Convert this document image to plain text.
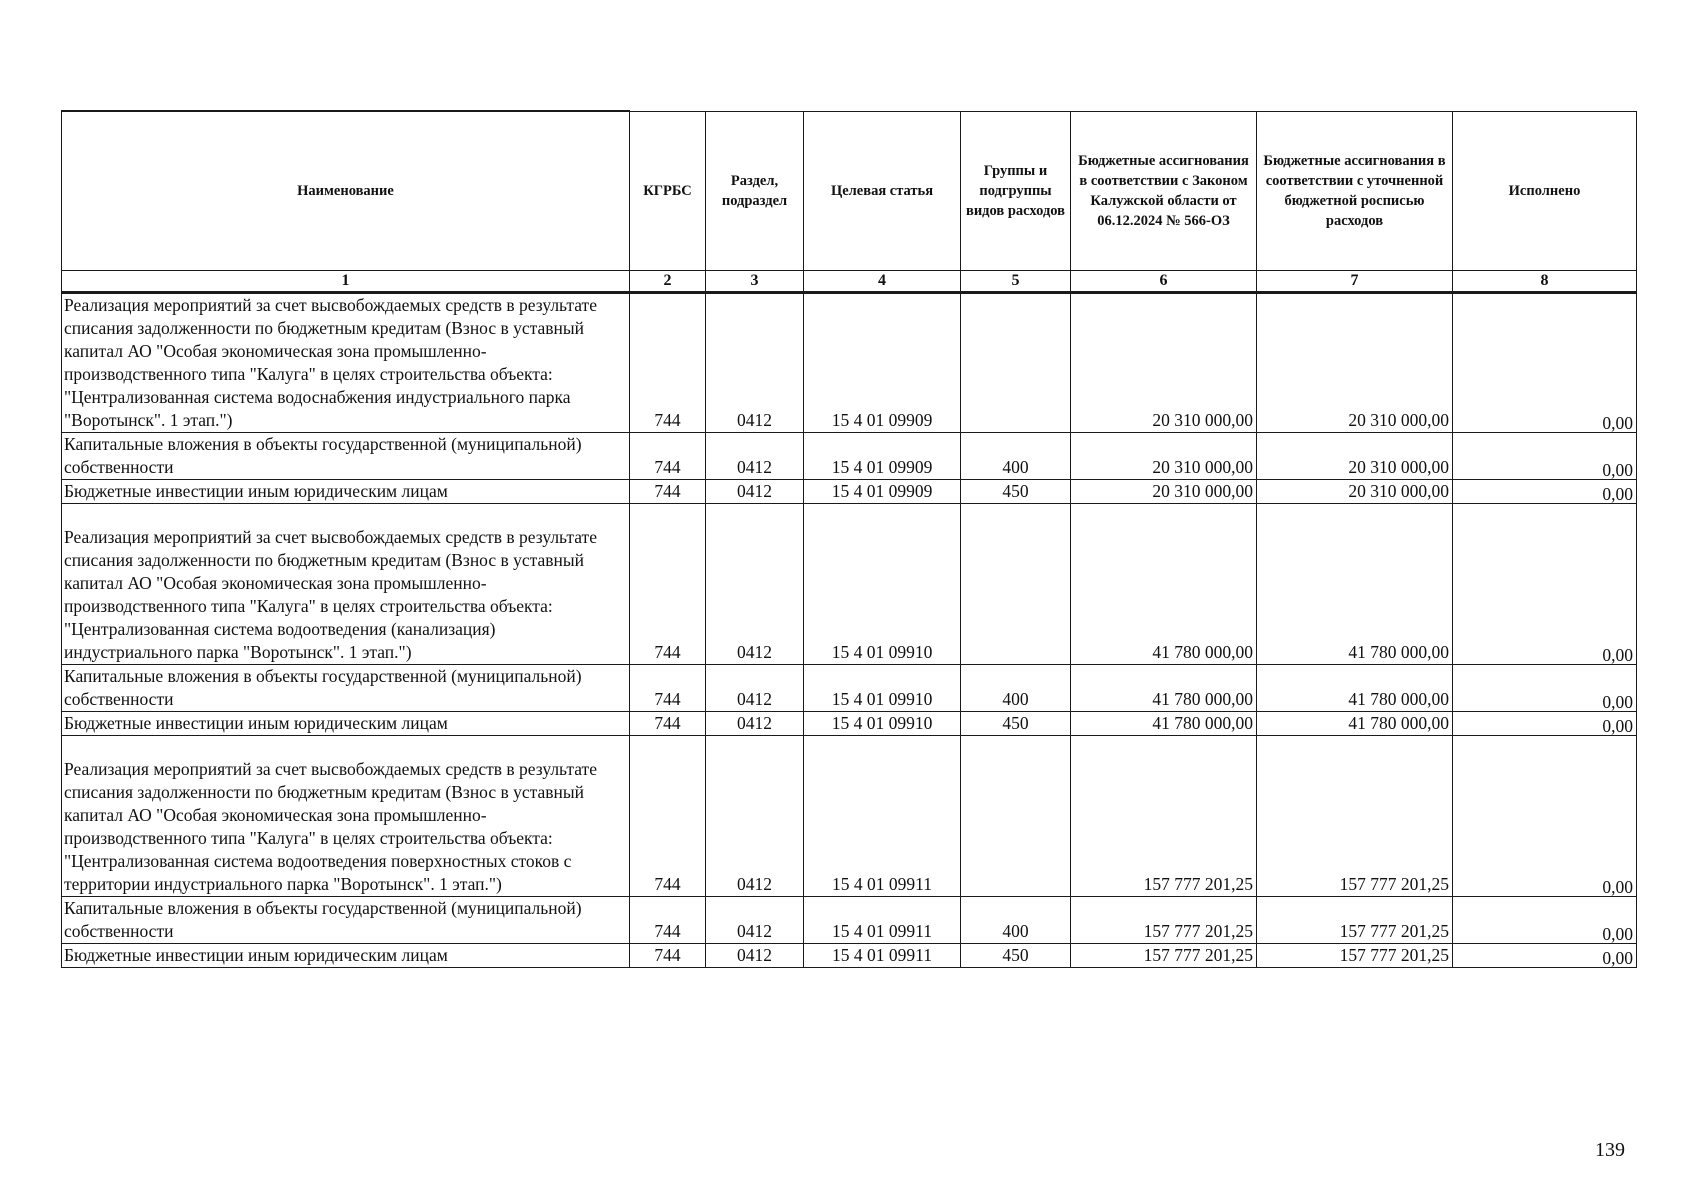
Наименование	КГРБС	Раздел, подраздел	Целевая статья	Группы и подгруппы видов расходов	Бюджетные ассигнования в соответствии с Законом Калужской области от 06.12.2024 № 566-ОЗ	Бюджетные ассигнования в соответствии с уточненной бюджетной росписью расходов	Исполнено
1	2	3	4	5	6	7	8
Реализация мероприятий за счет высвобождаемых средств в результате списания задолженности по бюджетным кредитам (Взнос в уставный капитал АО "Особая экономическая зона промышленно-производственного типа "Калуга" в целях строительства объекта: "Централизованная система водоснабжения индустриального парка "Воротынск". 1 этап.")	744	0412	15 4 01 09909		20 310 000,00	20 310 000,00	0,00
Капитальные вложения в объекты государственной (муниципальной) собственности	744	0412	15 4 01 09909	400	20 310 000,00	20 310 000,00	0,00
Бюджетные инвестиции иным юридическим лицам	744	0412	15 4 01 09909	450	20 310 000,00	20 310 000,00	0,00
Реализация мероприятий за счет высвобождаемых средств в результате списания задолженности по бюджетным кредитам (Взнос в уставный капитал АО "Особая экономическая зона промышленно-производственного типа "Калуга" в целях строительства объекта: "Централизованная система водоотведения (канализация) индустриального парка "Воротынск". 1 этап.")	744	0412	15 4 01 09910		41 780 000,00	41 780 000,00	0,00
Капитальные вложения в объекты государственной (муниципальной) собственности	744	0412	15 4 01 09910	400	41 780 000,00	41 780 000,00	0,00
Бюджетные инвестиции иным юридическим лицам	744	0412	15 4 01 09910	450	41 780 000,00	41 780 000,00	0,00
Реализация мероприятий за счет высвобождаемых средств в результате списания задолженности по бюджетным кредитам (Взнос в уставный капитал АО "Особая экономическая зона промышленно-производственного типа "Калуга" в целях строительства объекта: "Централизованная система водоотведения поверхностных стоков с территории индустриального парка "Воротынск". 1 этап.")	744	0412	15 4 01 09911		157 777 201,25	157 777 201,25	0,00
Капитальные вложения в объекты государственной (муниципальной) собственности	744	0412	15 4 01 09911	400	157 777 201,25	157 777 201,25	0,00
Бюджетные инвестиции иным юридическим лицам	744	0412	15 4 01 09911	450	157 777 201,25	157 777 201,25	0,00
139
